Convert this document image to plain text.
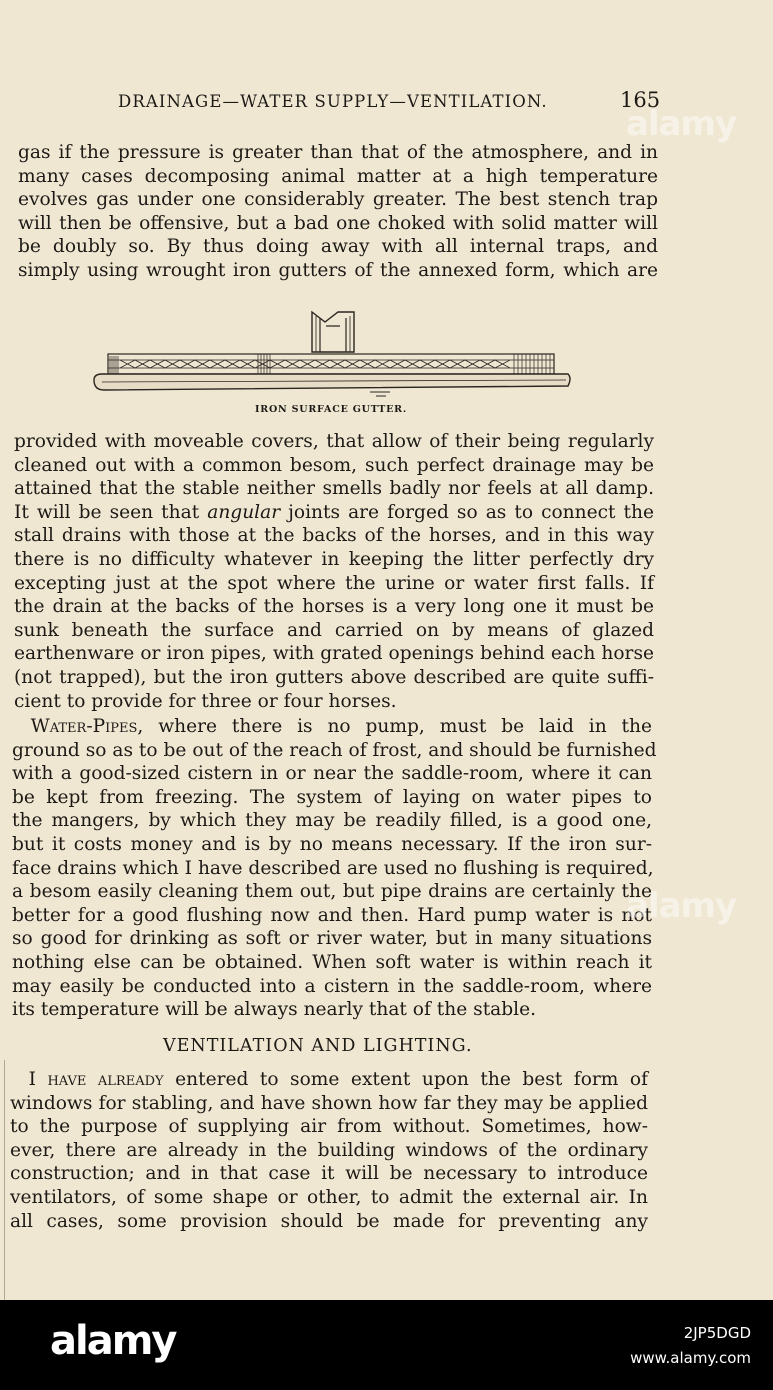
DRAINAGE—WATER SUPPLY—VENTILATION.	165
gas if the pressure is greater than that of the atmosphere, and in
many cases decomposing animal matter at a high temperature
evolves gas under one considerably greater. The best stench trap
will then be offensive, but a bad one choked with solid matter will
be doubly so. By thus doing away with all internal traps, and
simply using wrought iron gutters of the annexed form, which are
IRON SURFACE GUTTER.
provided with moveable covers, that allow of their being regularly
cleaned out with a common besom, such perfect drainage may be
attained that the stable neither smells badly nor feels at all damp.
It will be seen that angular joints are forged so as to connect the
stall drains with those at the backs of the horses, and in this way
there is no difficulty whatever in keeping the litter perfectly dry
excepting just at the spot where the urine or water first falls. If
the drain at the backs of the horses is a very long one it must be
sunk beneath the surface and carried on by means of glazed
earthenware or iron pipes, with grated openings behind each horse
(not trapped), but the iron gutters above described are quite suffi-
cient to provide for three or four horses.
 Water-Pipes, where there is no pump, must be laid in the
ground so as to be out of the reach of frost, and should be furnished
with a good-sized cistern in or near the saddle-room, where it can
be kept from freezing. The system of laying on water pipes to
the mangers, by which they may be readily filled, is a good one,
but it costs money and is by no means necessary. If the iron sur-
face drains which I have described are used no flushing is required,
a besom easily cleaning them out, but pipe drains are certainly the
better for a good flushing now and then. Hard pump water is not
so good for drinking as soft or river water, but in many situations
nothing else can be obtained. When soft water is within reach it
may easily be conducted into a cistern in the saddle-room, where
its temperature will be always nearly that of the stable.
VENTILATION AND LIGHTING.
 I have already entered to some extent upon the best form of
windows for stabling, and have shown how far they may be applied
to the purpose of supplying air from without. Sometimes, how-
ever, there are already in the building windows of the ordinary
construction; and in that case it will be necessary to introduce
ventilators, of some shape or other, to admit the external air. In
all cases, some provision should be made for preventing any
alamy
alamy
alamy	2JP5DGD
www.alamy.com
